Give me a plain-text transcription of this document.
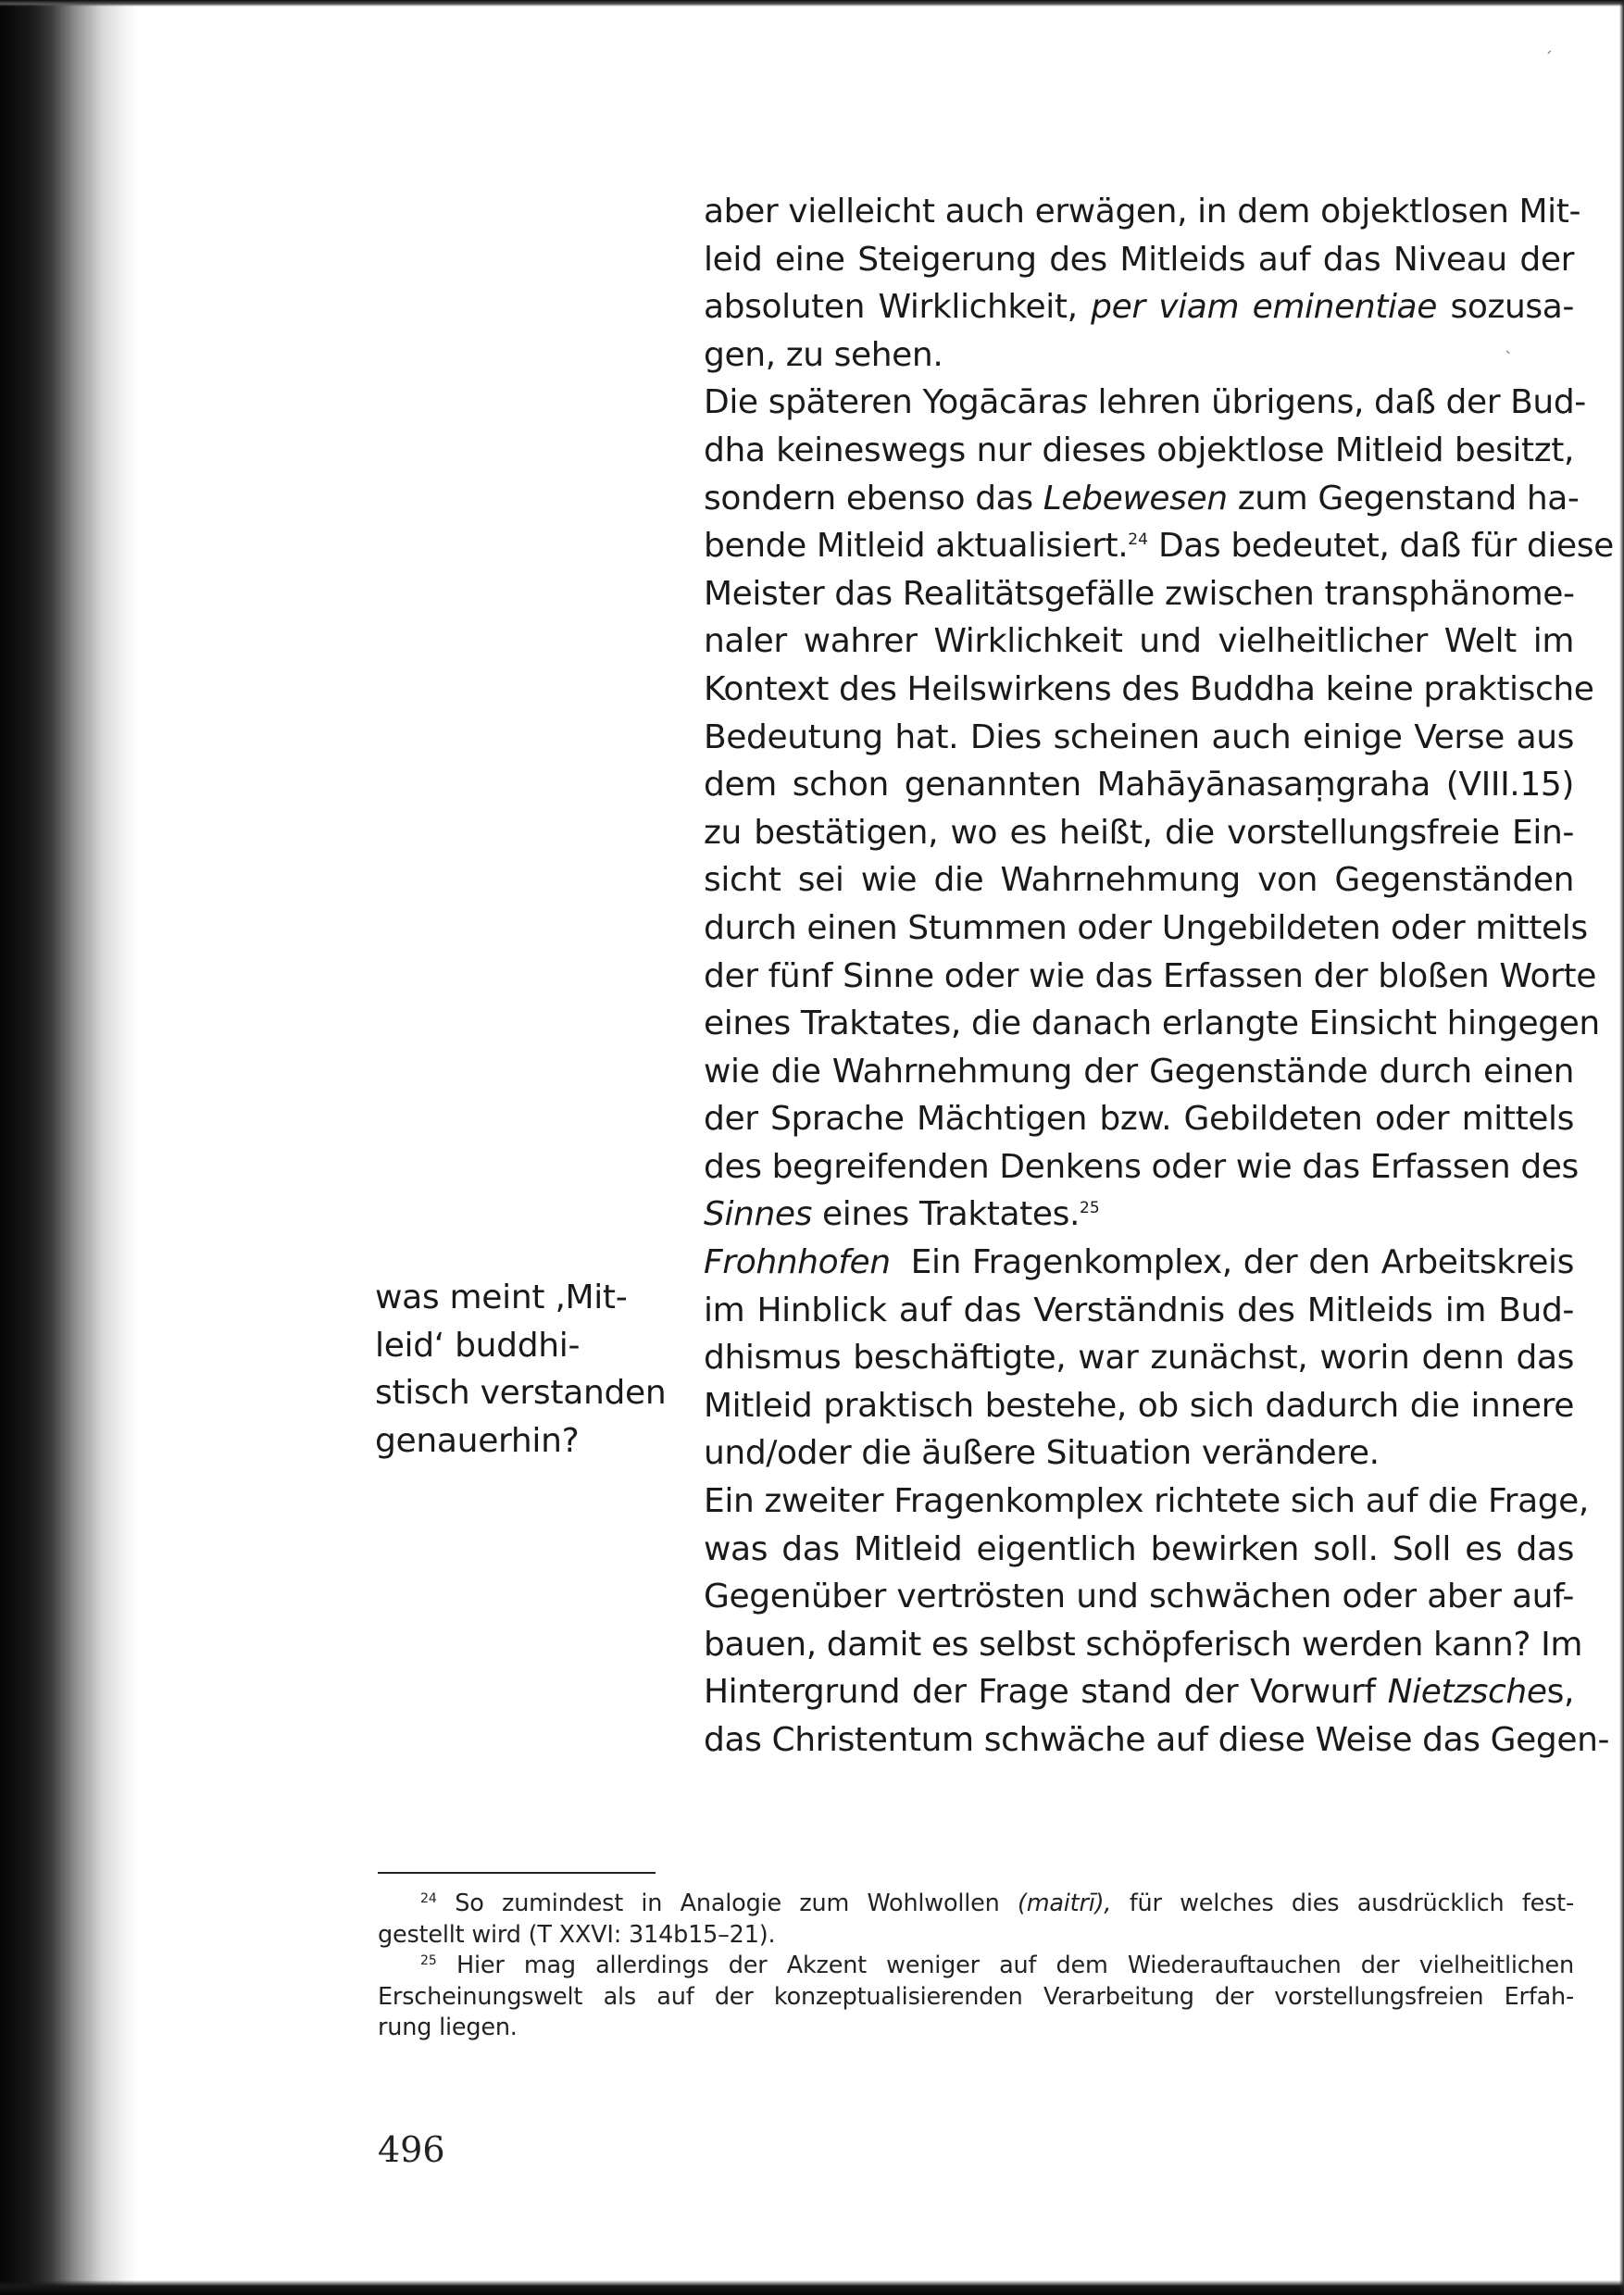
ˏ
ˎ
aber vielleicht auch erwägen, in dem objektlosen Mit-
leid eine Steigerung des Mitleids auf das Niveau der
absoluten Wirklichkeit, per viam eminentiae sozusa-
gen, zu sehen.
Die späteren Yogācāras lehren übrigens, daß der Bud-
dha keineswegs nur dieses objektlose Mitleid besitzt,
sondern ebenso das Lebewesen zum Gegenstand ha-
bende Mitleid aktualisiert.$^{24}$ Das bedeutet, daß für diese
Meister das Realitätsgefälle zwischen transphänome-
naler wahrer Wirklichkeit und vielheitlicher Welt im
Kontext des Heilswirkens des Buddha keine praktische
Bedeutung hat. Dies scheinen auch einige Verse aus
dem schon genannten Mahāyānasaṃgraha (VIII.15)
zu bestätigen, wo es heißt, die vorstellungsfreie Ein-
sicht sei wie die Wahrnehmung von Gegenständen
durch einen Stummen oder Ungebildeten oder mittels
der fünf Sinne oder wie das Erfassen der bloßen Worte
eines Traktates, die danach erlangte Einsicht hingegen
wie die Wahrnehmung der Gegenstände durch einen
der Sprache Mächtigen bzw. Gebildeten oder mittels
des begreifenden Denkens oder wie das Erfassen des
Sinnes eines Traktates.$^{25}$
Frohnhofen Ein Fragenkomplex, der den Arbeitskreis
im Hinblick auf das Verständnis des Mitleids im Bud-
dhismus beschäftigte, war zunächst, worin denn das
Mitleid praktisch bestehe, ob sich dadurch die innere
und/oder die äußere Situation verändere.
Ein zweiter Fragenkomplex richtete sich auf die Frage,
was das Mitleid eigentlich bewirken soll. Soll es das
Gegenüber vertrösten und schwächen oder aber auf-
bauen, damit es selbst schöpferisch werden kann? Im
Hintergrund der Frage stand der Vorwurf Nietzsches,
das Christentum schwäche auf diese Weise das Gegen-
was meint ‚Mit-
leid‘ buddhi-
stisch verstanden
genauerhin?
$^{24}$ So zumindest in Analogie zum Wohlwollen (maitrī), für welches dies ausdrücklich fest-
gestellt wird (T XXVI: 314b15–21).
$^{25}$ Hier mag allerdings der Akzent weniger auf dem Wiederauftauchen der vielheitlichen
Erscheinungswelt als auf der konzeptualisierenden Verarbeitung der vorstellungsfreien Erfah-
rung liegen.
496
